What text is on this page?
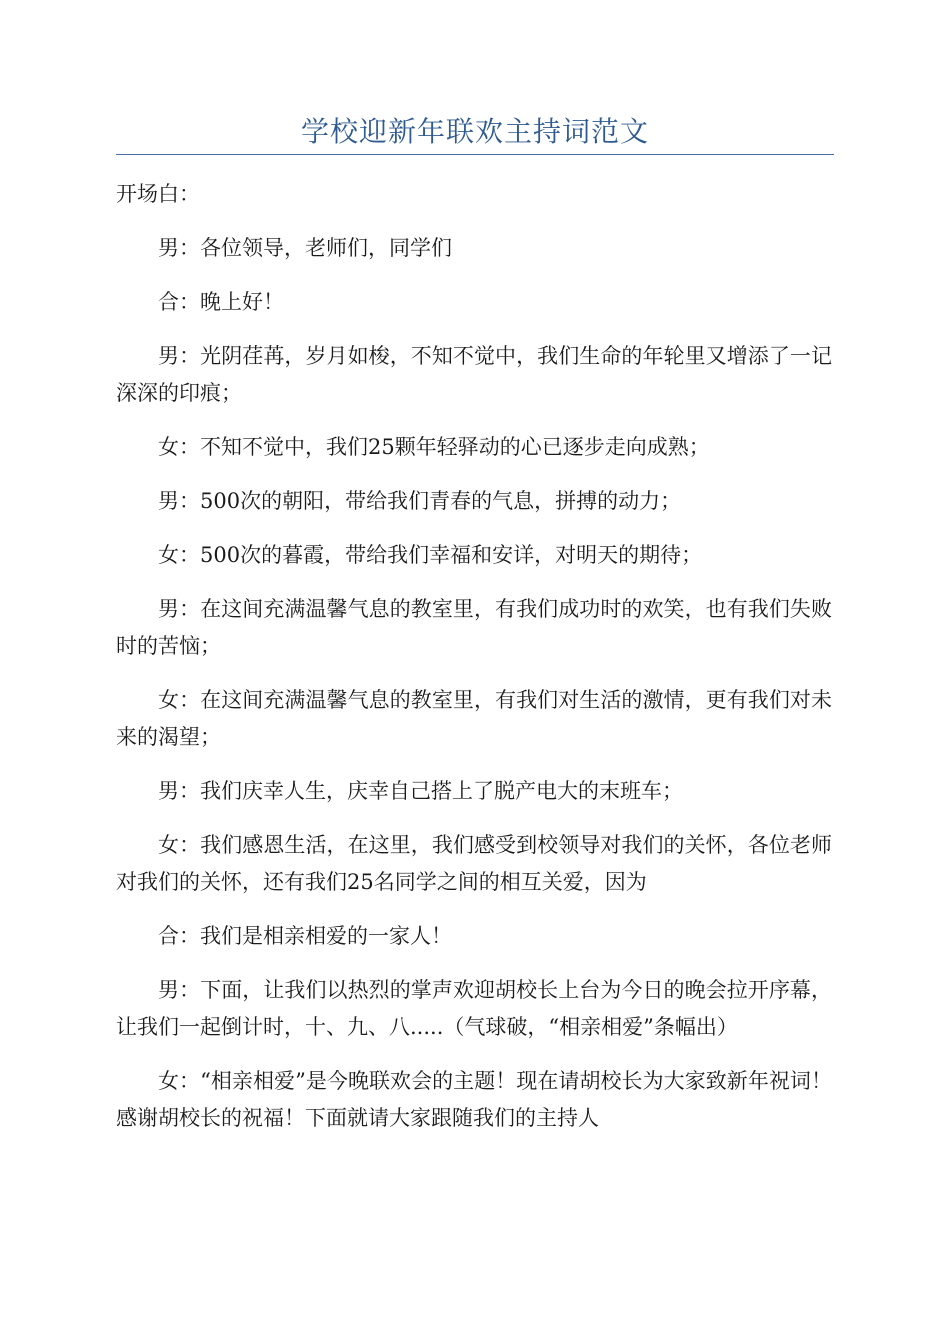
学校迎新年联欢主持词范文

开场白：

男：各位领导，老师们，同学们

合：晚上好！

男：光阴荏苒，岁月如梭，不知不觉中，我们生命的年轮里又增添了一记深深的印痕；

女：不知不觉中，我们25颗年轻驿动的心已逐步走向成熟；

男：500次的朝阳，带给我们青春的气息，拼搏的动力；

女：500次的暮霞，带给我们幸福和安详，对明天的期待；

男：在这间充满温馨气息的教室里，有我们成功时的欢笑，也有我们失败时的苦恼；

女：在这间充满温馨气息的教室里，有我们对生活的激情，更有我们对未来的渴望；

男：我们庆幸人生，庆幸自己搭上了脱产电大的末班车；

女：我们感恩生活，在这里，我们感受到校领导对我们的关怀，各位老师对我们的关怀，还有我们25名同学之间的相互关爱，因为

合：我们是相亲相爱的一家人！

男：下面，让我们以热烈的掌声欢迎胡校长上台为今日的晚会拉开序幕，让我们一起倒计时，十、九、八.....（气球破，“相亲相爱”条幅出）

女：“相亲相爱”是今晚联欢会的主题！现在请胡校长为大家致新年祝词！感谢胡校长的祝福！下面就请大家跟随我们的主持人
